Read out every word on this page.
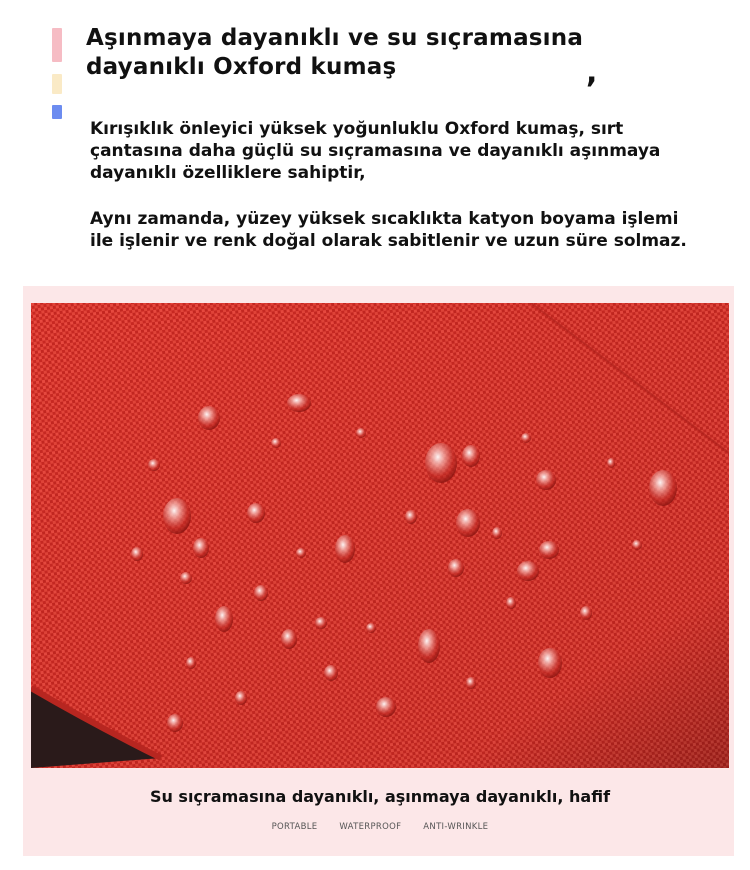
Aşınmaya dayanıklı ve su sıçramasına
dayanıklı Oxford kumaş	,

Kırışıklık önleyici yüksek yoğunluklu Oxford kumaş, sırt
çantasına daha güçlü su sıçramasına ve dayanıklı aşınmaya
dayanıklı özelliklere sahiptir,

Aynı zamanda, yüzey yüksek sıcaklıkta katyon boyama işlemi
ile işlenir ve renk doğal olarak sabitlenir ve uzun süre solmaz.

Su sıçramasına dayanıklı, aşınmaya dayanıklı, hafif

PORTABLE	WATERPROOF	ANTI-WRINKLE
